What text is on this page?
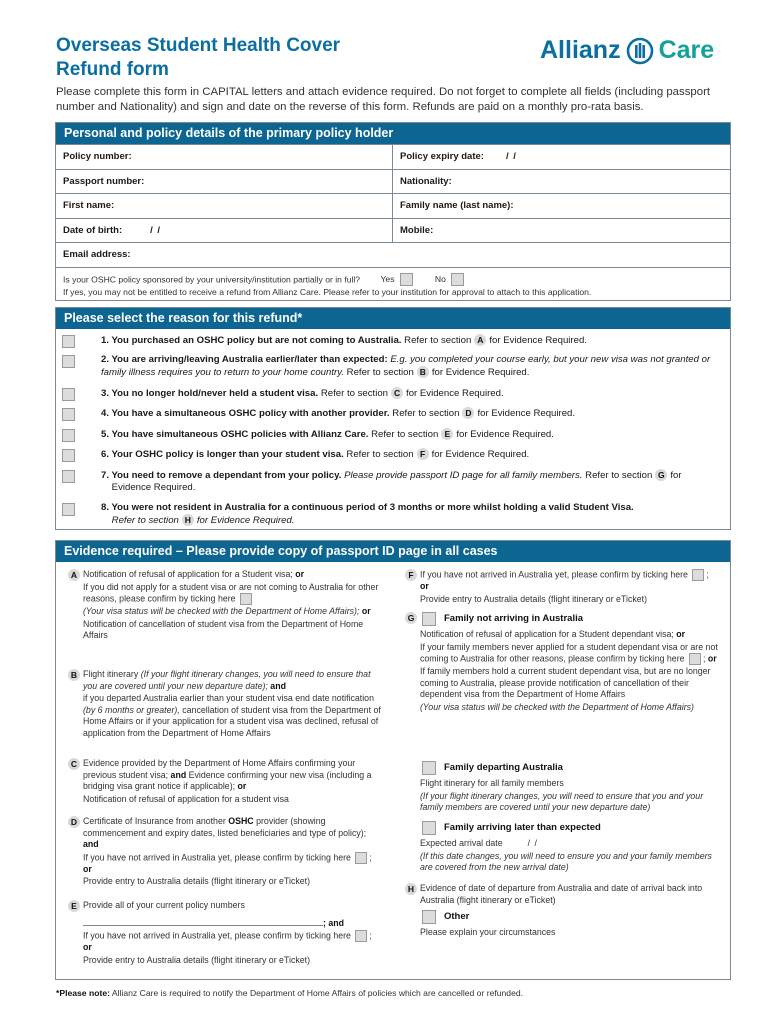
Overseas Student Health Cover
Refund form
Allianz Care
Please complete this form in CAPITAL letters and attach evidence required. Do not forget to complete all fields (including passport number and Nationality) and sign and date on the reverse of this form. Refunds are paid on a monthly pro-rata basis.
Personal and policy details of the primary policy holder
Policy number:	Policy expiry date: / /
Passport number:	Nationality:
First name:	Family name (last name):
Date of birth:	/ /	Mobile:
Email address:
Is your OSHC policy sponsored by your university/institution partially or in full? Yes
	No
If yes, you may not be entitled to receive a refund from Allianz Care. Please refer to your institution for approval to attach to this application.
Please select the reason for this refund*
1. You purchased an OSHC policy but are not coming to Australia. Refer to section A for Evidence Required.
2. You are arriving/leaving Australia earlier/later than expected: E.g. you completed your course early, but your new visa was not granted or family illness requires you to return to your home country. Refer to section B for Evidence Required.
3. You no longer hold/never held a student visa. Refer to section C for Evidence Required.
4. You have a simultaneous OSHC policy with another provider. Refer to section D for Evidence Required.
5. You have simultaneous OSHC policies with Allianz Care. Refer to section E for Evidence Required.
6. Your OSHC policy is longer than your student visa. Refer to section F for Evidence Required.
7. You need to remove a dependant from your policy. Please provide passport ID page for all family members. Refer to section G for
Evidence Required.
8. You were not resident in Australia for a continuous period of 3 months or more whilst holding a valid Student Visa.
Refer to section H for Evidence Required.
Evidence required – Please provide copy of passport ID page in all cases
A Notification of refusal of application for a Student visa; or
If you did not apply for a student visa or are not coming to Australia for other reasons, please confirm by ticking here
(Your visa status will be checked with the Department of Home Affairs); or
Notification of cancellation of student visa from the Department of Home Affairs
B Flight itinerary (If your flight itinerary changes, you will need to ensure that you are covered until your new departure date); and
if you departed Australia earlier than your student visa end date notification (by 6 months or greater), cancellation of student visa from the Department of Home Affairs or if your application for a student visa was declined, refusal of application from the Department of Home Affairs
C Evidence provided by the Department of Home Affairs confirming your previous student visa; and Evidence confirming your new visa (including a bridging visa grant notice if applicable); or
Notification of refusal of application for a student visa
D Certificate of Insurance from another OSHC provider (showing commencement and expiry dates, listed beneficiaries and type of policy); and
If you have not arrived in Australia yet, please confirm by ticking here ; or
Provide entry to Australia details (flight itinerary or eTicket)
E Provide all of your current policy numbers
; and
If you have not arrived in Australia yet, please confirm by ticking here ; or
Provide entry to Australia details (flight itinerary or eTicket)
F If you have not arrived in Australia yet, please confirm by ticking here ; or
Provide entry to Australia details (flight itinerary or eTicket)
G	Family not arriving in Australia
Notification of refusal of application for a Student dependant visa; or
If your family members never applied for a student dependant visa or are not coming to Australia for other reasons, please confirm by ticking here ; or
If family members hold a current student dependant visa, but are no longer coming to Australia, please provide notification of cancellation of their dependent visa from the Department of Home Affairs
(Your visa status will be checked with the Department of Home Affairs)
Family departing Australia
Flight itinerary for all family members
(If your flight itinerary changes, you will need to ensure that you and your family members are covered until your new departure date)
Family arriving later than expected
Expected arrival date	/ /
(If this date changes, you will need to ensure you and your family members are covered from the new arrival date)
H Evidence of date of departure from Australia and date of arrival back into Australia (flight itinerary or eTicket)
Other
Please explain your circumstances
*Please note: Allianz Care is required to notify the Department of Home Affairs of policies which are cancelled or refunded.
